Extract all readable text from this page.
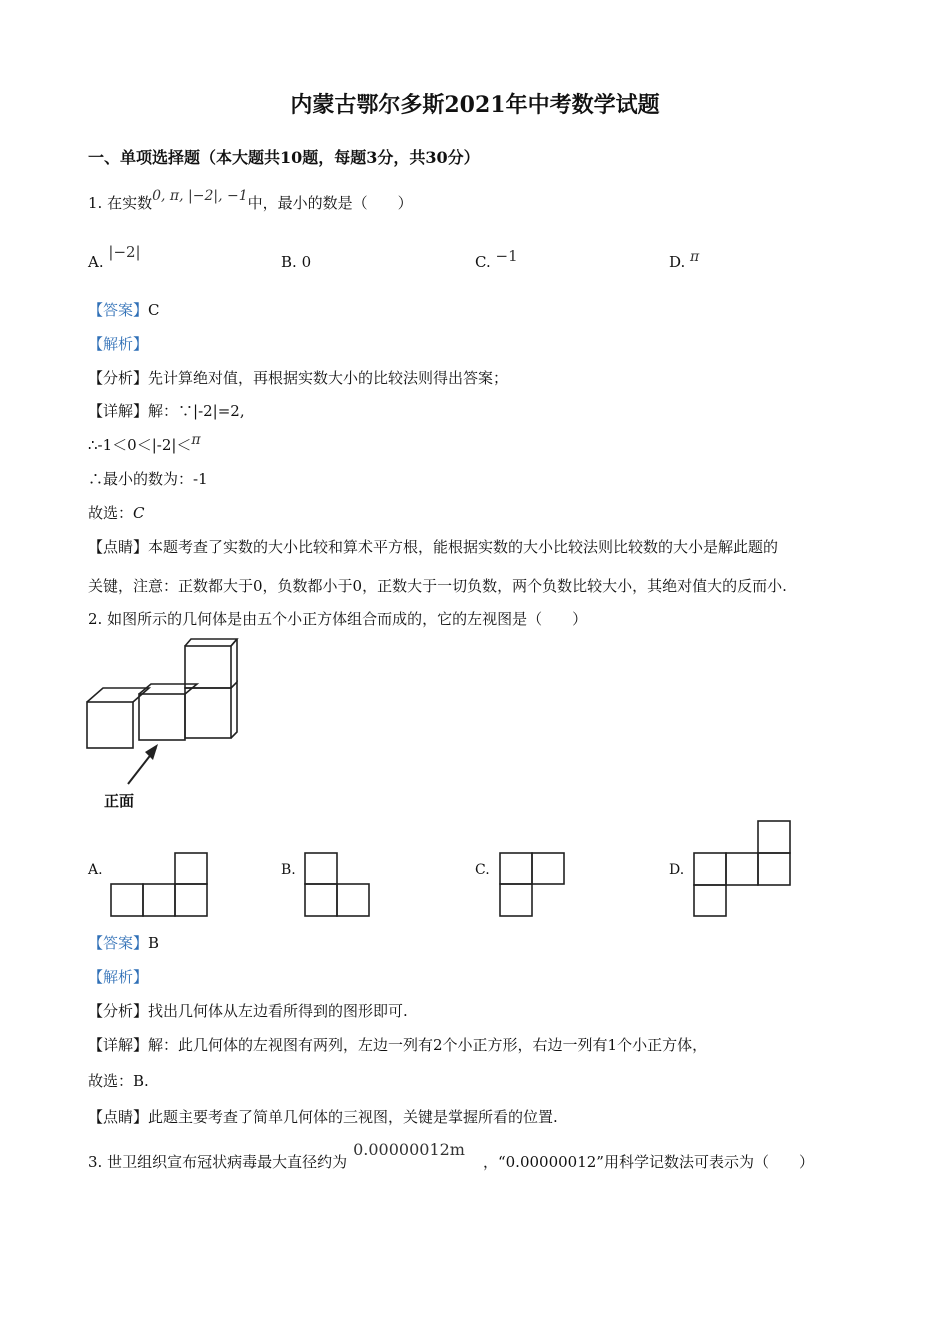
内蒙古鄂尔多斯2021年中考数学试题
一、单项选择题（本大题共10题，每题3分，共30分）
1. 在实数0, π, |−2|, −1中，最小的数是（　　）
A. |−2|
B. 0	C. −1	D. π
【答案】C
【解析】
【分析】先计算绝对值，再根据实数大小的比较法则得出答案；
【详解】解：∵|-2|=2,
∴-1＜0＜|-2|＜π
∴最小的数为：-1
故选：C
【点睛】本题考查了实数的大小比较和算术平方根，能根据实数的大小比较法则比较数的大小是解此题的
关键，注意：正数都大于0，负数都小于0，正数大于一切负数，两个负数比较大小，其绝对值大的反而小.
2. 如图所示的几何体是由五个小正方体组合而成的，它的左视图是（　　）
正面
A.	B.	C.	D.
【答案】B
【解析】
【分析】找出几何体从左边看所得到的图形即可.
【详解】解：此几何体的左视图有两列，左边一列有2个小正方形，右边一列有1个小正方体，
故选：B.
【点睛】此题主要考查了简单几何体的三视图，关键是掌握所看的位置.
3. 世卫组织宣布冠状病毒最大直径约为0.00000012m，“0.00000012”用科学记数法可表示为（　　）
